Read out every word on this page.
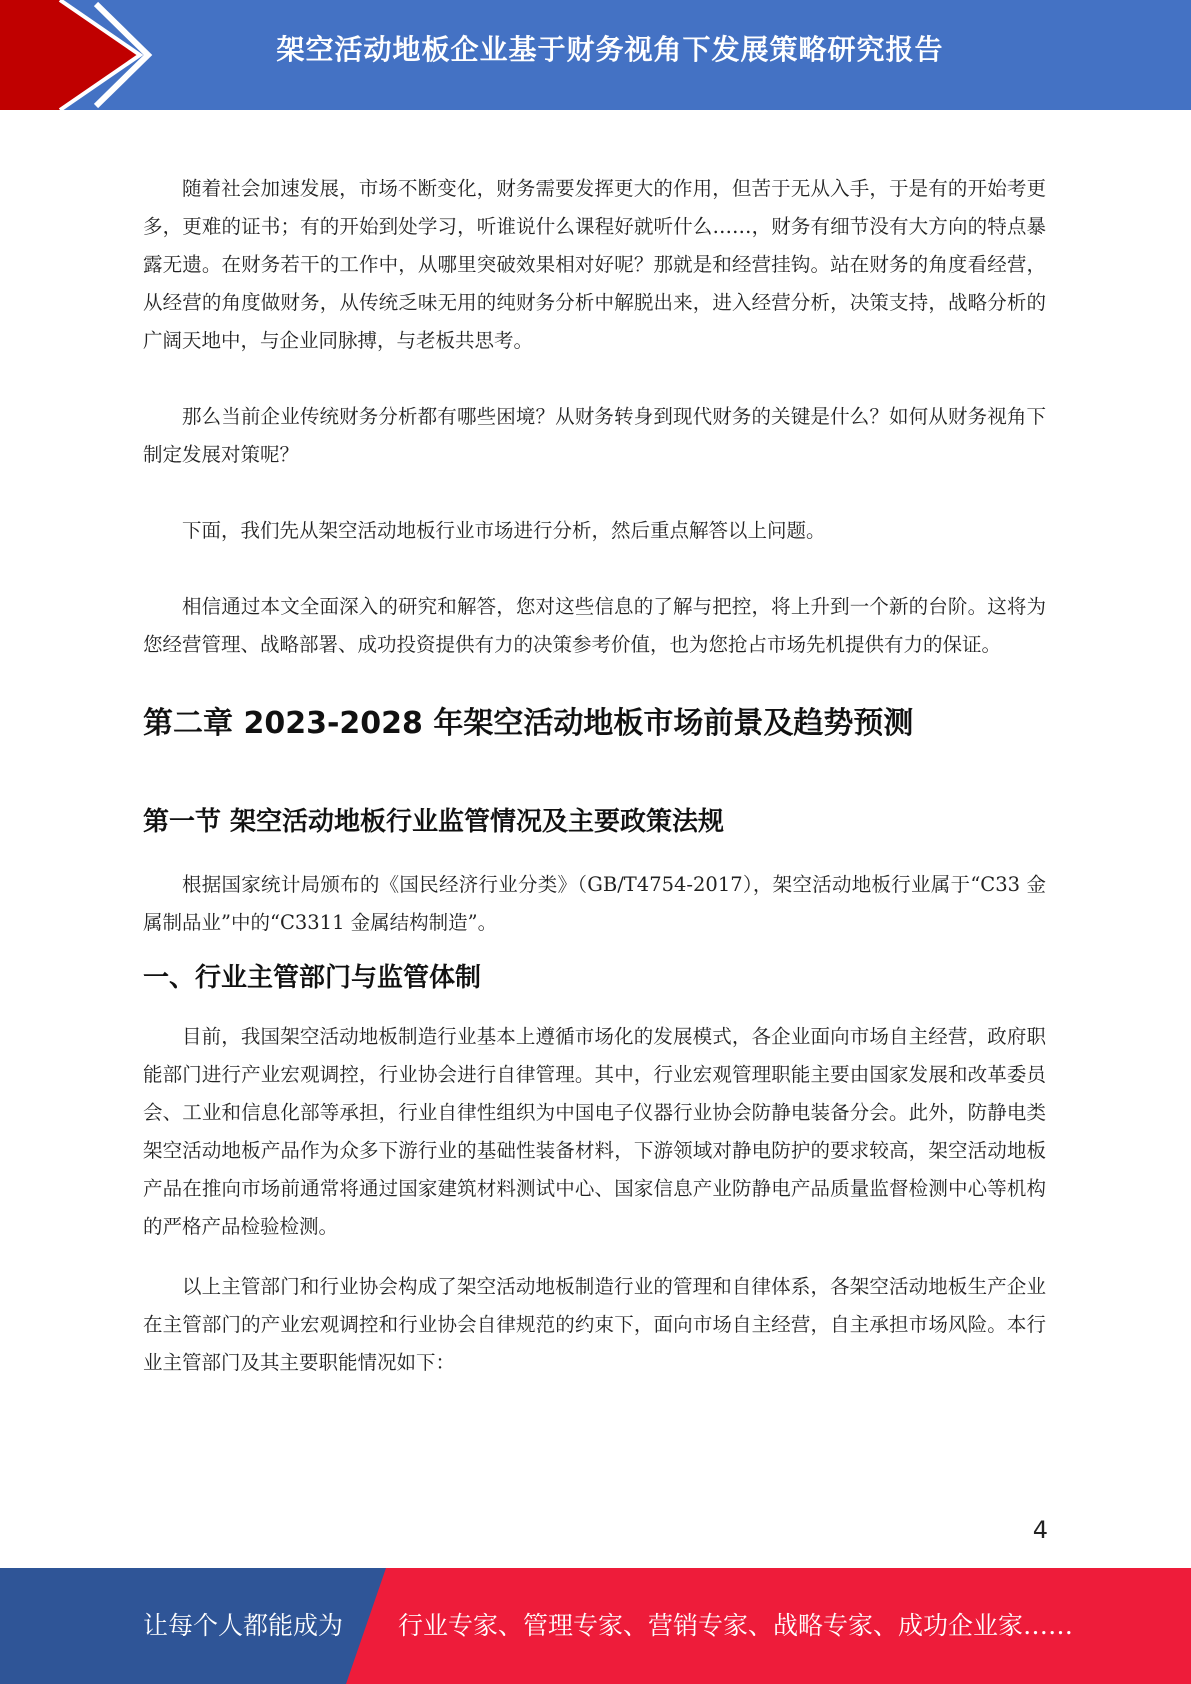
架空活动地板企业基于财务视角下发展策略研究报告

随着社会加速发展，市场不断变化，财务需要发挥更大的作用，但苦于无从入手，于是有的开始考更多，更难的证书；有的开始到处学习，听谁说什么课程好就听什么……，财务有细节没有大方向的特点暴露无遗。在财务若干的工作中，从哪里突破效果相对好呢？那就是和经营挂钩。站在财务的角度看经营，从经营的角度做财务，从传统乏味无用的纯财务分析中解脱出来，进入经营分析，决策支持，战略分析的广阔天地中，与企业同脉搏，与老板共思考。

那么当前企业传统财务分析都有哪些困境？从财务转身到现代财务的关键是什么？如何从财务视角下制定发展对策呢？

下面，我们先从架空活动地板行业市场进行分析，然后重点解答以上问题。

相信通过本文全面深入的研究和解答，您对这些信息的了解与把控，将上升到一个新的台阶。这将为您经营管理、战略部署、成功投资提供有力的决策参考价值，也为您抢占市场先机提供有力的保证。

第二章 2023-2028 年架空活动地板市场前景及趋势预测
第一节 架空活动地板行业监管情况及主要政策法规

根据国家统计局颁布的《国民经济行业分类》（GB/T4754-2017），架空活动地板行业属于“C33 金属制品业”中的“C3311 金属结构制造”。

一、行业主管部门与监管体制

目前，我国架空活动地板制造行业基本上遵循市场化的发展模式，各企业面向市场自主经营，政府职能部门进行产业宏观调控，行业协会进行自律管理。其中，行业宏观管理职能主要由国家发展和改革委员会、工业和信息化部等承担，行业自律性组织为中国电子仪器行业协会防静电装备分会。此外，防静电类架空活动地板产品作为众多下游行业的基础性装备材料，下游领域对静电防护的要求较高，架空活动地板产品在推向市场前通常将通过国家建筑材料测试中心、国家信息产业防静电产品质量监督检测中心等机构的严格产品检验检测。

以上主管部门和行业协会构成了架空活动地板制造行业的管理和自律体系，各架空活动地板生产企业在主管部门的产业宏观调控和行业协会自律规范的约束下，面向市场自主经营，自主承担市场风险。本行业主管部门及其主要职能情况如下：

4
让每个人都能成为 行业专家、管理专家、营销专家、战略专家、成功企业家……
